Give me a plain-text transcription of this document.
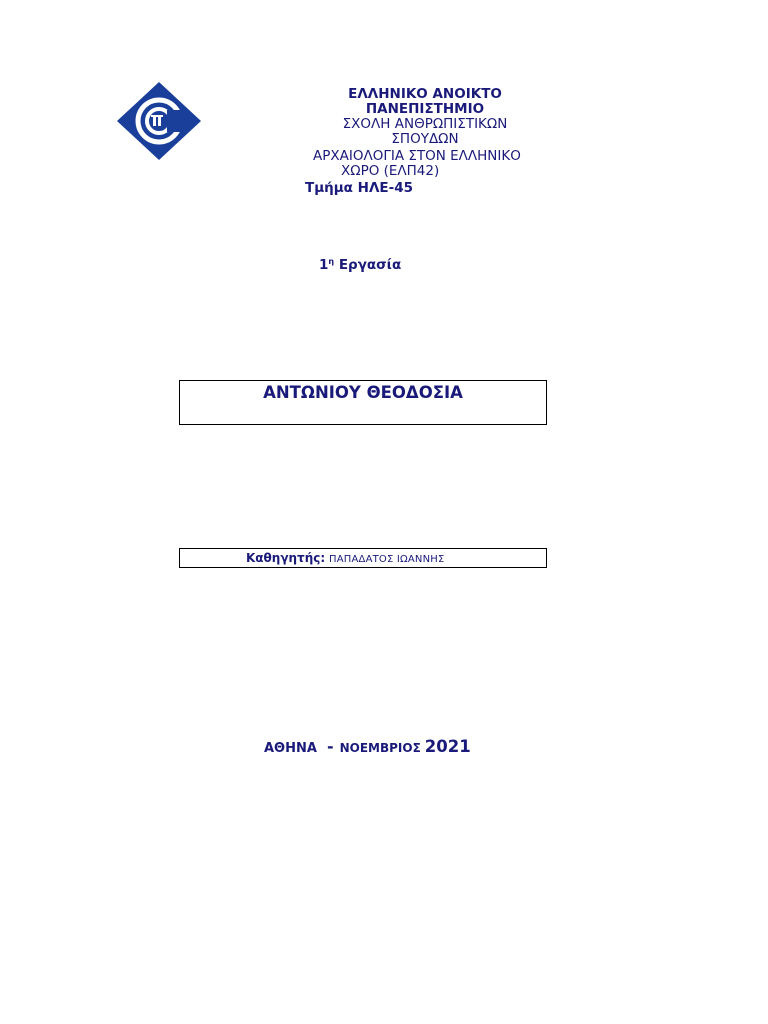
ΕΛΛΗΝΙΚΟ ΑΝΟΙΚΤΟ ΠΑΝΕΠΙΣΤΗΜΙΟ
ΣΧΟΛΗ ΑΝΘΡΩΠΙΣΤΙΚΩΝ ΣΠΟΥΔΩΝ
ΑΡΧΑΙΟΛΟΓΙΑ ΣΤΟΝ ΕΛΛΗΝΙΚΟ
ΧΩΡΟ (ΕΛΠ42)
Τμήμα ΗΛΕ-45
$1^\eta$ Εργασία
ΑΝΤΩΝΙΟΥ ΘΕΟΔΟΣΙΑ
Καθηγητής: ΠΑΠΑΔΑΤΟΣ ΙΩΑΝΝΗΣ
ΑΘΗΝΑ - ΝΟΕΜΒΡΙΟΣ 2021
